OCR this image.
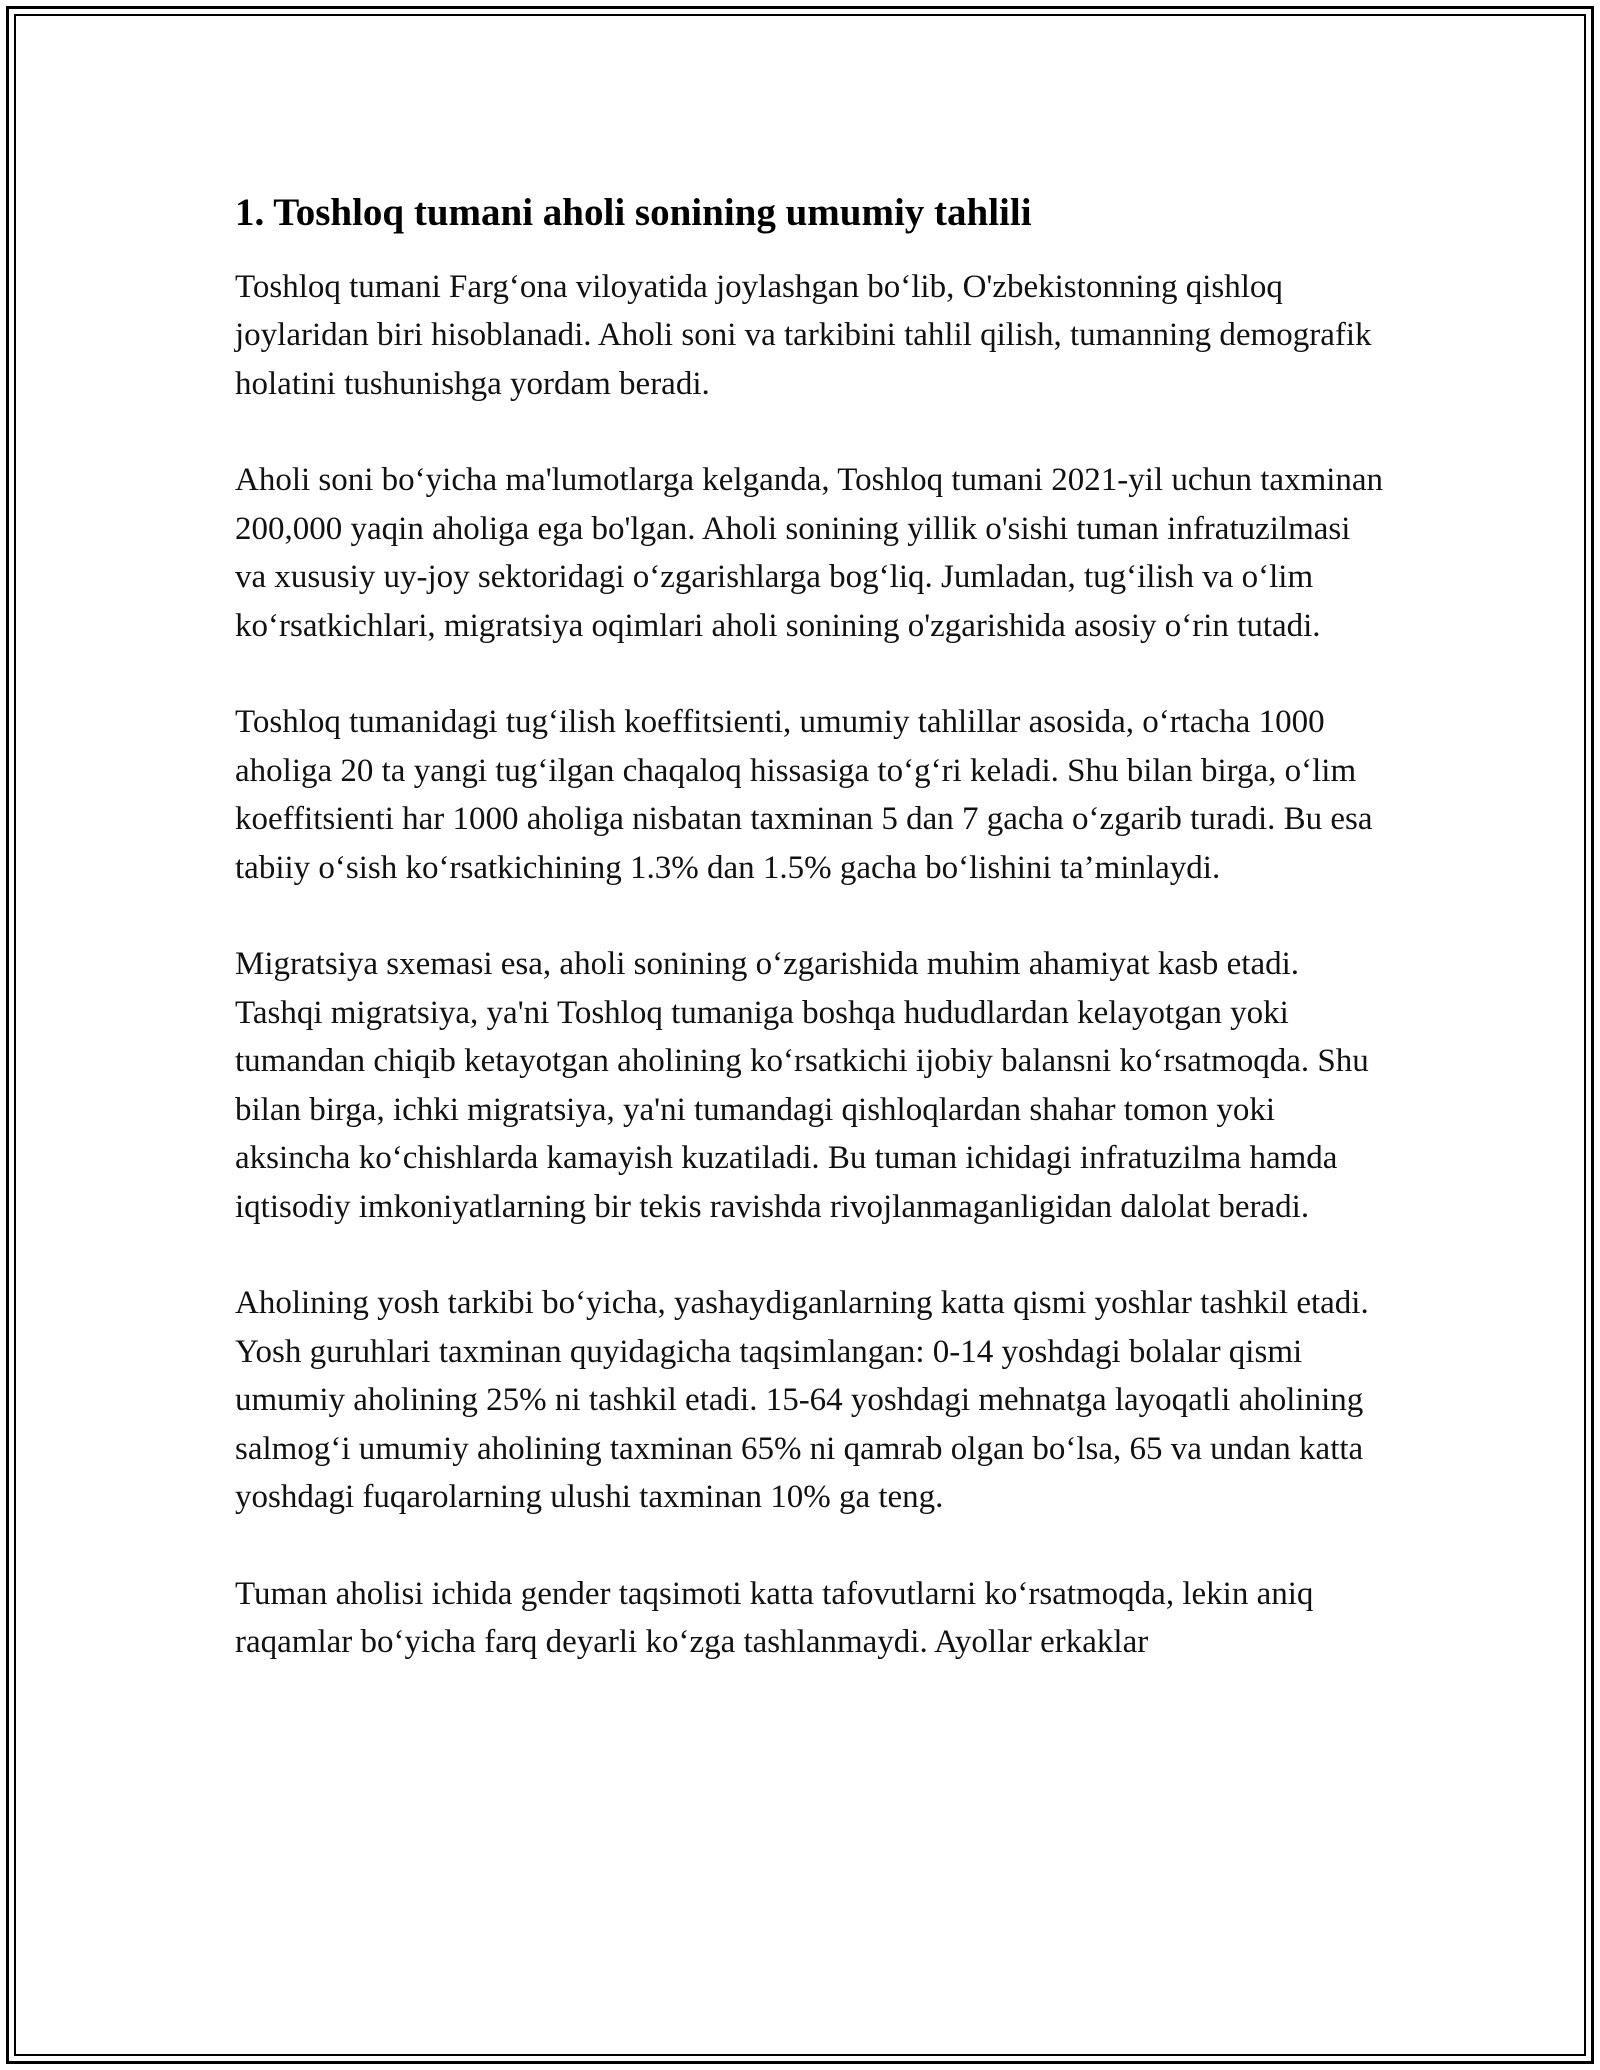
1. Toshloq tumani aholi sonining umumiy tahlili

Toshloq tumani Farg‘ona viloyatida joylashgan bo‘lib, O'zbekistonning qishloq joylaridan biri hisoblanadi. Aholi soni va tarkibini tahlil qilish, tumanning demografik holatini tushunishga yordam beradi.

Aholi soni bo‘yicha ma'lumotlarga kelganda, Toshloq tumani 2021-yil uchun taxminan 200,000 yaqin aholiga ega bo'lgan. Aholi sonining yillik o'sishi tuman infratuzilmasi va xususiy uy-joy sektoridagi o‘zgarishlarga bog‘liq. Jumladan, tug‘ilish va o‘lim ko‘rsatkichlari, migratsiya oqimlari aholi sonining o'zgarishida asosiy o‘rin tutadi.

Toshloq tumanidagi tug‘ilish koeffitsienti, umumiy tahlillar asosida, o‘rtacha 1000 aholiga 20 ta yangi tug‘ilgan chaqaloq hissasiga to‘g‘ri keladi. Shu bilan birga, o‘lim koeffitsienti har 1000 aholiga nisbatan taxminan 5 dan 7 gacha o‘zgarib turadi. Bu esa tabiiy o‘sish ko‘rsatkichining 1.3% dan 1.5% gacha bo‘lishini ta’minlaydi.

Migratsiya sxemasi esa, aholi sonining o‘zgarishida muhim ahamiyat kasb etadi. Tashqi migratsiya, ya'ni Toshloq tumaniga boshqa hududlardan kelayotgan yoki tumandan chiqib ketayotgan aholining ko‘rsatkichi ijobiy balansni ko‘rsatmoqda. Shu bilan birga, ichki migratsiya, ya'ni tumandagi qishloqlardan shahar tomon yoki aksincha ko‘chishlarda kamayish kuzatiladi. Bu tuman ichidagi infratuzilma hamda iqtisodiy imkoniyatlarning bir tekis ravishda rivojlanmaganligidan dalolat beradi.

Aholining yosh tarkibi bo‘yicha, yashaydiganlarning katta qismi yoshlar tashkil etadi. Yosh guruhlari taxminan quyidagicha taqsimlangan: 0-14 yoshdagi bolalar qismi umumiy aholining 25% ni tashkil etadi. 15-64 yoshdagi mehnatga layoqatli aholining salmog‘i umumiy aholining taxminan 65% ni qamrab olgan bo‘lsa, 65 va undan katta yoshdagi fuqarolarning ulushi taxminan 10% ga teng.

Tuman aholisi ichida gender taqsimoti katta tafovutlarni ko‘rsatmoqda, lekin aniq raqamlar bo‘yicha farq deyarli ko‘zga tashlanmaydi. Ayollar erkaklar
